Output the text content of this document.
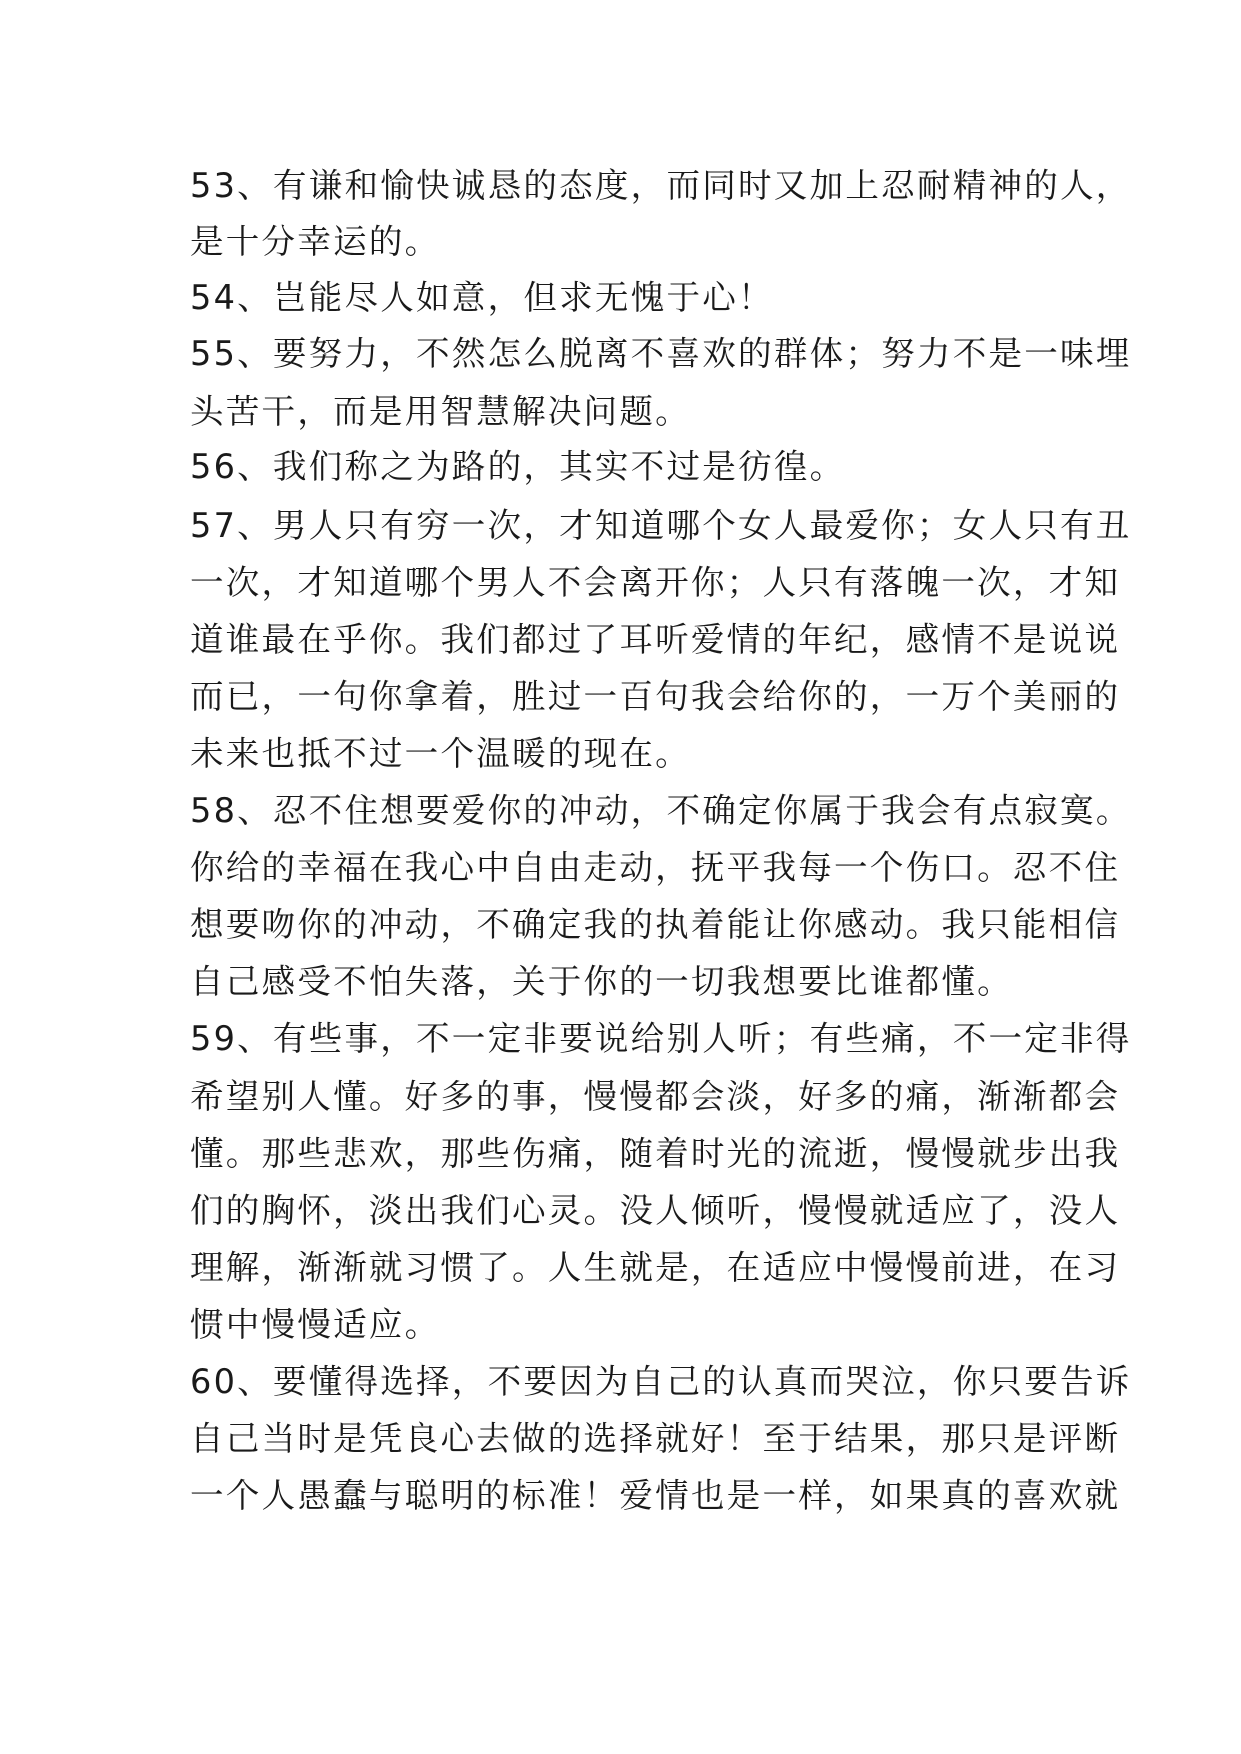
53、有谦和愉快诚恳的态度，而同时又加上忍耐精神的人，
是十分幸运的。
54、岂能尽人如意，但求无愧于心！
55、要努力，不然怎么脱离不喜欢的群体；努力不是一味埋
头苦干，而是用智慧解决问题。
56、我们称之为路的，其实不过是彷徨。
57、男人只有穷一次，才知道哪个女人最爱你；女人只有丑
一次，才知道哪个男人不会离开你；人只有落魄一次，才知
道谁最在乎你。我们都过了耳听爱情的年纪，感情不是说说
而已，一句你拿着，胜过一百句我会给你的，一万个美丽的
未来也抵不过一个温暖的现在。
58、忍不住想要爱你的冲动，不确定你属于我会有点寂寞。
你给的幸福在我心中自由走动，抚平我每一个伤口。忍不住
想要吻你的冲动，不确定我的执着能让你感动。我只能相信
自己感受不怕失落，关于你的一切我想要比谁都懂。
59、有些事，不一定非要说给别人听；有些痛，不一定非得
希望别人懂。好多的事，慢慢都会淡，好多的痛，渐渐都会
懂。那些悲欢，那些伤痛，随着时光的流逝，慢慢就步出我
们的胸怀，淡出我们心灵。没人倾听，慢慢就适应了，没人
理解，渐渐就习惯了。人生就是，在适应中慢慢前进，在习
惯中慢慢适应。
60、要懂得选择，不要因为自己的认真而哭泣，你只要告诉
自己当时是凭良心去做的选择就好！至于结果，那只是评断
一个人愚蠢与聪明的标准！爱情也是一样，如果真的喜欢就
